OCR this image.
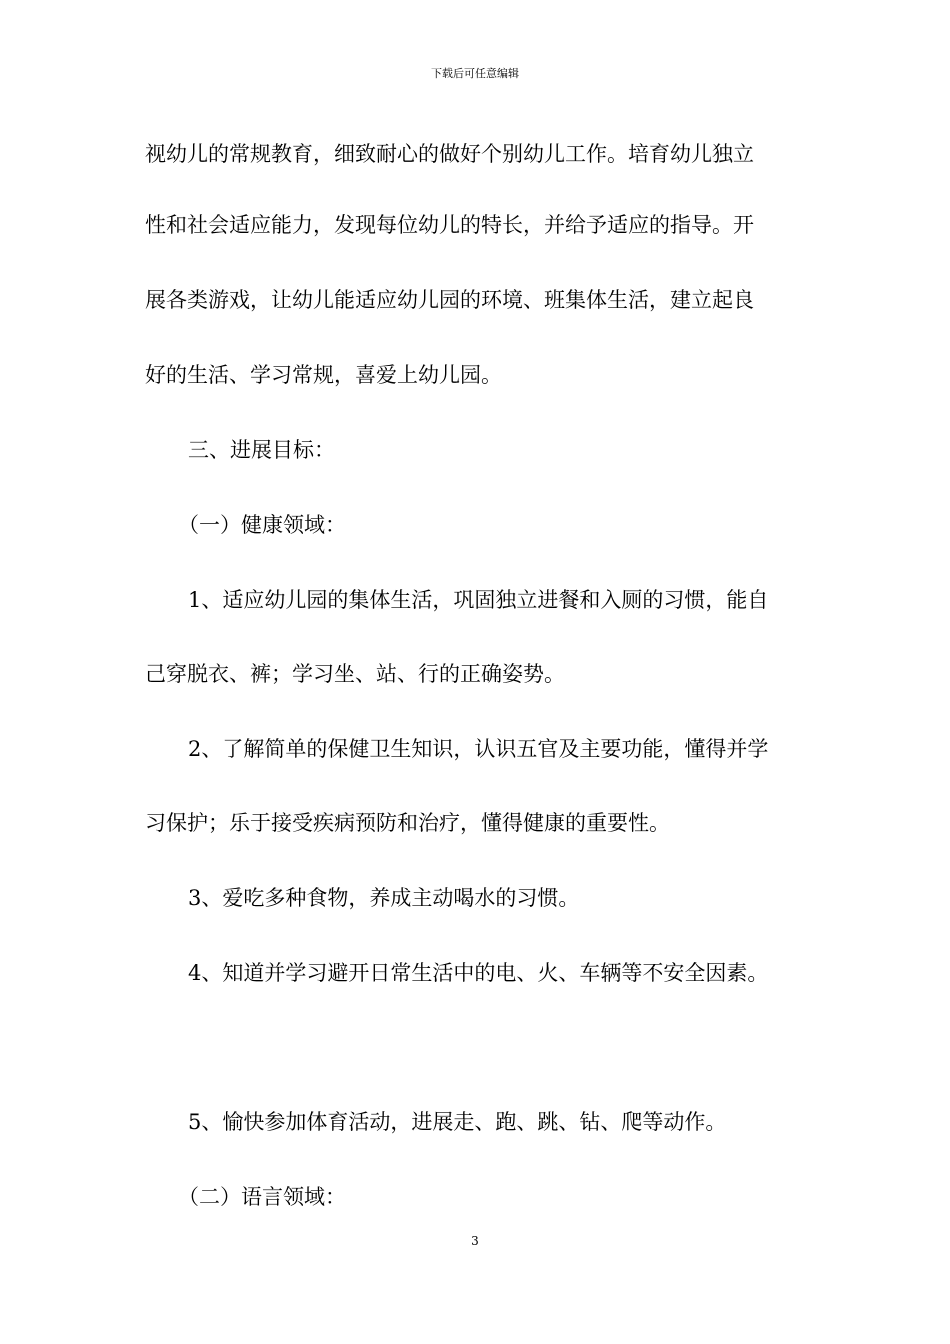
下载后可任意编辑
视幼儿的常规教育，细致耐心的做好个别幼儿工作。培育幼儿独立
性和社会适应能力，发现每位幼儿的特长，并给予适应的指导。开
展各类游戏，让幼儿能适应幼儿园的环境、班集体生活，建立起良
好的生活、学习常规，喜爱上幼儿园。
三、进展目标：
（一）健康领域：
1、适应幼儿园的集体生活，巩固独立进餐和入厕的习惯，能自
己穿脱衣、裤；学习坐、站、行的正确姿势。
2、了解简单的保健卫生知识，认识五官及主要功能，懂得并学
习保护；乐于接受疾病预防和治疗，懂得健康的重要性。
3、爱吃多种食物，养成主动喝水的习惯。
4、知道并学习避开日常生活中的电、火、车辆等不安全因素。
5、愉快参加体育活动，进展走、跑、跳、钻、爬等动作。
（二）语言领域：
3
